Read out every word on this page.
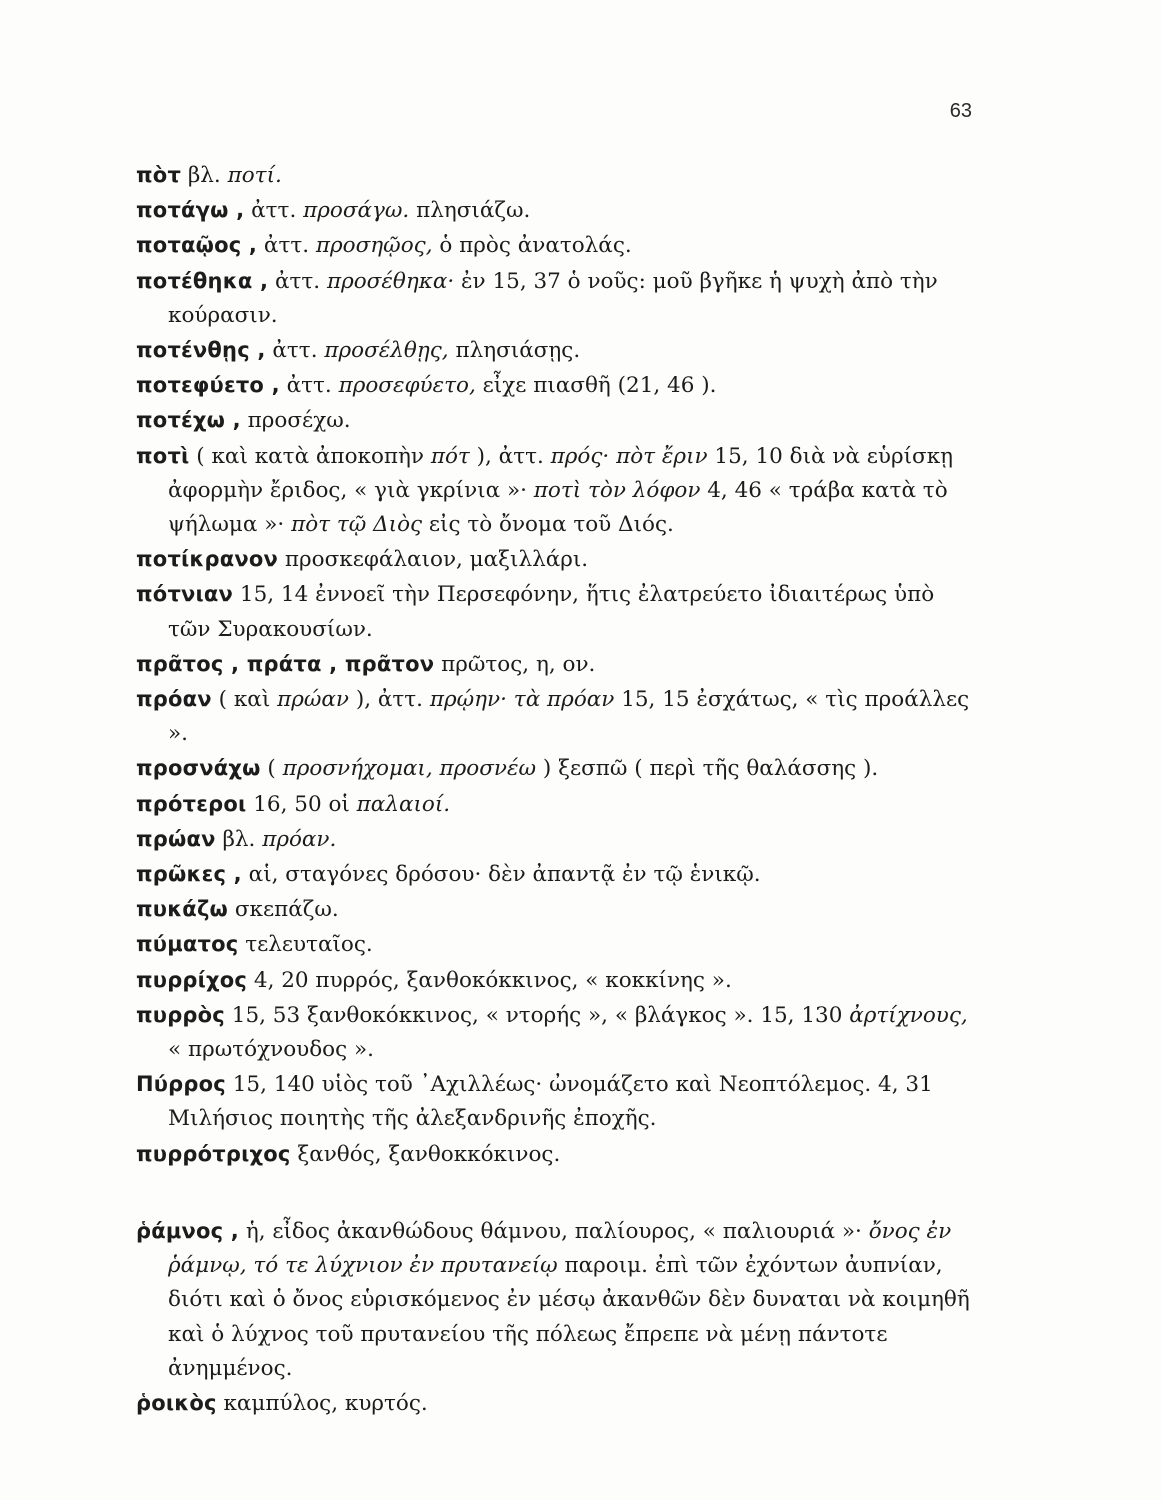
63

πὸτ βλ. ποτί.

ποτάγω , ἀττ. προσάγω. πλησιάζω.

ποταῷος , ἀττ. προσηῷος, ὁ πρὸς ἀνατολάς.

ποτέθηκα , ἀττ. προσέθηκα· ἐν 15, 37 ὁ νοῦς: μοῦ βγῆκε ἡ ψυχὴ ἀπὸ τὴν κούρασιν.

ποτένθῃς , ἀττ. προσέλθῃς, πλησιάσῃς.

ποτεφύετο , ἀττ. προσεφύετο, εἶχε πιασθῆ (21, 46 ).

ποτέχω , προσέχω.

ποτὶ ( καὶ κατὰ ἀποκοπὴν πότ ), ἀττ. πρός· πὸτ ἔριν 15, 10 διὰ νὰ εὑρίσκῃ ἀφορμὴν ἔριδος, « γιὰ γκρίνια »· ποτὶ τὸν λόφον 4, 46 « τράβα κατὰ τὸ ψήλωμα »· πὸτ τῷ Διὸς εἰς τὸ ὄνομα τοῦ Διός.

ποτίκρανον προσκεφάλαιον, μαξιλλάρι.

πότνιαν 15, 14 ἐννοεῖ τὴν Περσεφόνην, ἥτις ἐλατρεύετο ἰδιαιτέρως ὑπὸ τῶν Συρακουσίων.

πρᾶτος , πράτα , πρᾶτον πρῶτος, η, ον.

πρόαν ( καὶ πρώαν ), ἀττ. πρῴην· τὰ πρόαν 15, 15 ἐσχάτως, « τὶς προάλλες ».

προσνάχω ( προσνήχομαι, προσνέω ) ξεσπῶ ( περὶ τῆς θαλάσσης ).

πρότεροι 16, 50 οἱ παλαιοί.

πρώαν βλ. πρόαν.

πρῶκες , αἱ, σταγόνες δρόσου· δὲν ἀπαντᾷ ἐν τῷ ἑνικῷ.

πυκάζω σκεπάζω.

πύματος τελευταῖος.

πυρρίχος 4, 20 πυρρός, ξανθοκόκκινος, « κοκκίνης ».

πυρρὸς 15, 53 ξανθοκόκκινος, « ντορής », « βλάγκος ». 15, 130 ἀρτίχνους, « πρωτόχνουδος ».

Πύρρος 15, 140 υἱὸς τοῦ ᾿Αχιλλέως· ὠνομάζετο καὶ Νεοπτόλεμος. 4, 31 Μιλήσιος ποιητὴς τῆς ἀλεξανδρινῆς ἐποχῆς.

πυρρότριχος ξανθός, ξανθοκκόκινος.

ῥάμνος , ἡ, εἶδος ἀκανθώδους θάμνου, παλίουρος, « παλιουριά »· ὄνος ἐν ῥάμνῳ, τό τε λύχνιον ἐν πρυτανείῳ παροιμ. ἐπὶ τῶν ἐχόντων ἀυπνίαν, διότι καὶ ὁ ὄνος εὑρισκόμενος ἐν μέσῳ ἀκανθῶν δὲν δυναται νὰ κοιμηθῆ καὶ ὁ λύχνος τοῦ πρυτανείου τῆς πόλεως ἔπρεπε νὰ μένῃ πάντοτε ἀνημμένος.

ῥοικὸς καμπύλος, κυρτός.
